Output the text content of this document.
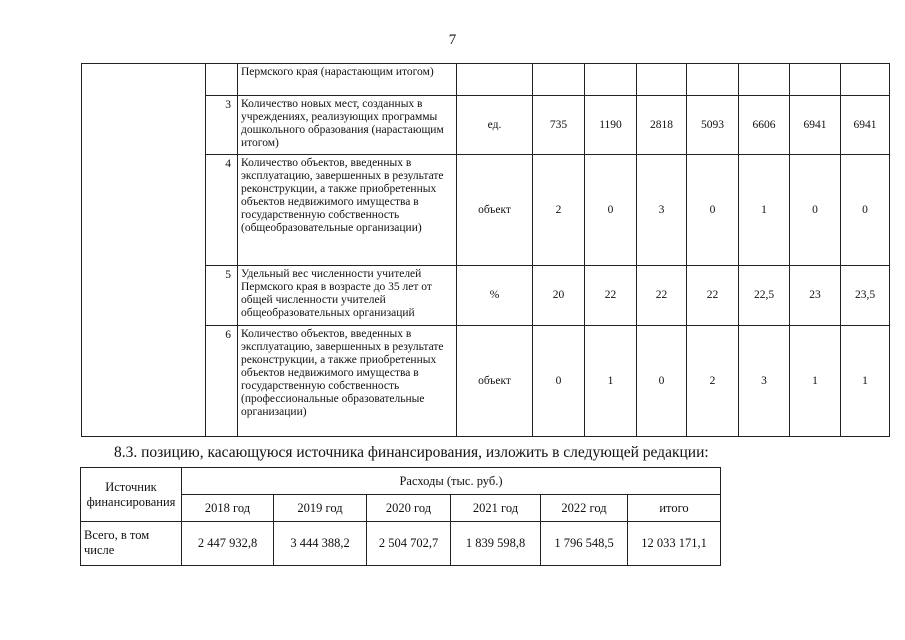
7
		Пермского края (нарастающим итогом)								
	3	Количество новых мест, созданных в учреждениях, реализующих программы дошкольного образования (нарастающим итогом)	ед.	735	1190	2818	5093	6606	6941	6941
	4	Количество объектов, введенных в эксплуатацию, завершенных в результате реконструкции, а также приобретенных объектов недвижимого имущества в государственную собственность (общеобразовательные организации)	объект	2	0	3	0	1	0	0
	5	Удельный вес численности учителей Пермского края в возрасте до 35 лет от общей численности учителей общеобразовательных организаций	%	20	22	22	22	22,5	23	23,5
	6	Количество объектов, введенных в эксплуатацию, завершенных в результате реконструкции, а также приобретенных объектов недвижимого имущества в государственную собственность (профессиональные образовательные организации)	объект	0	1	0	2	3	1	1

8.3. позицию, касающуюся источника финансирования, изложить в следующей редакции:

Источник финансирования	Расходы (тыс. руб.)					
	2018 год	2019 год	2020 год	2021 год	2022 год	итого
Всего, в том числе	2 447 932,8	3 444 388,2	2 504 702,7	1 839 598,8	1 796 548,5	12 033 171,1
